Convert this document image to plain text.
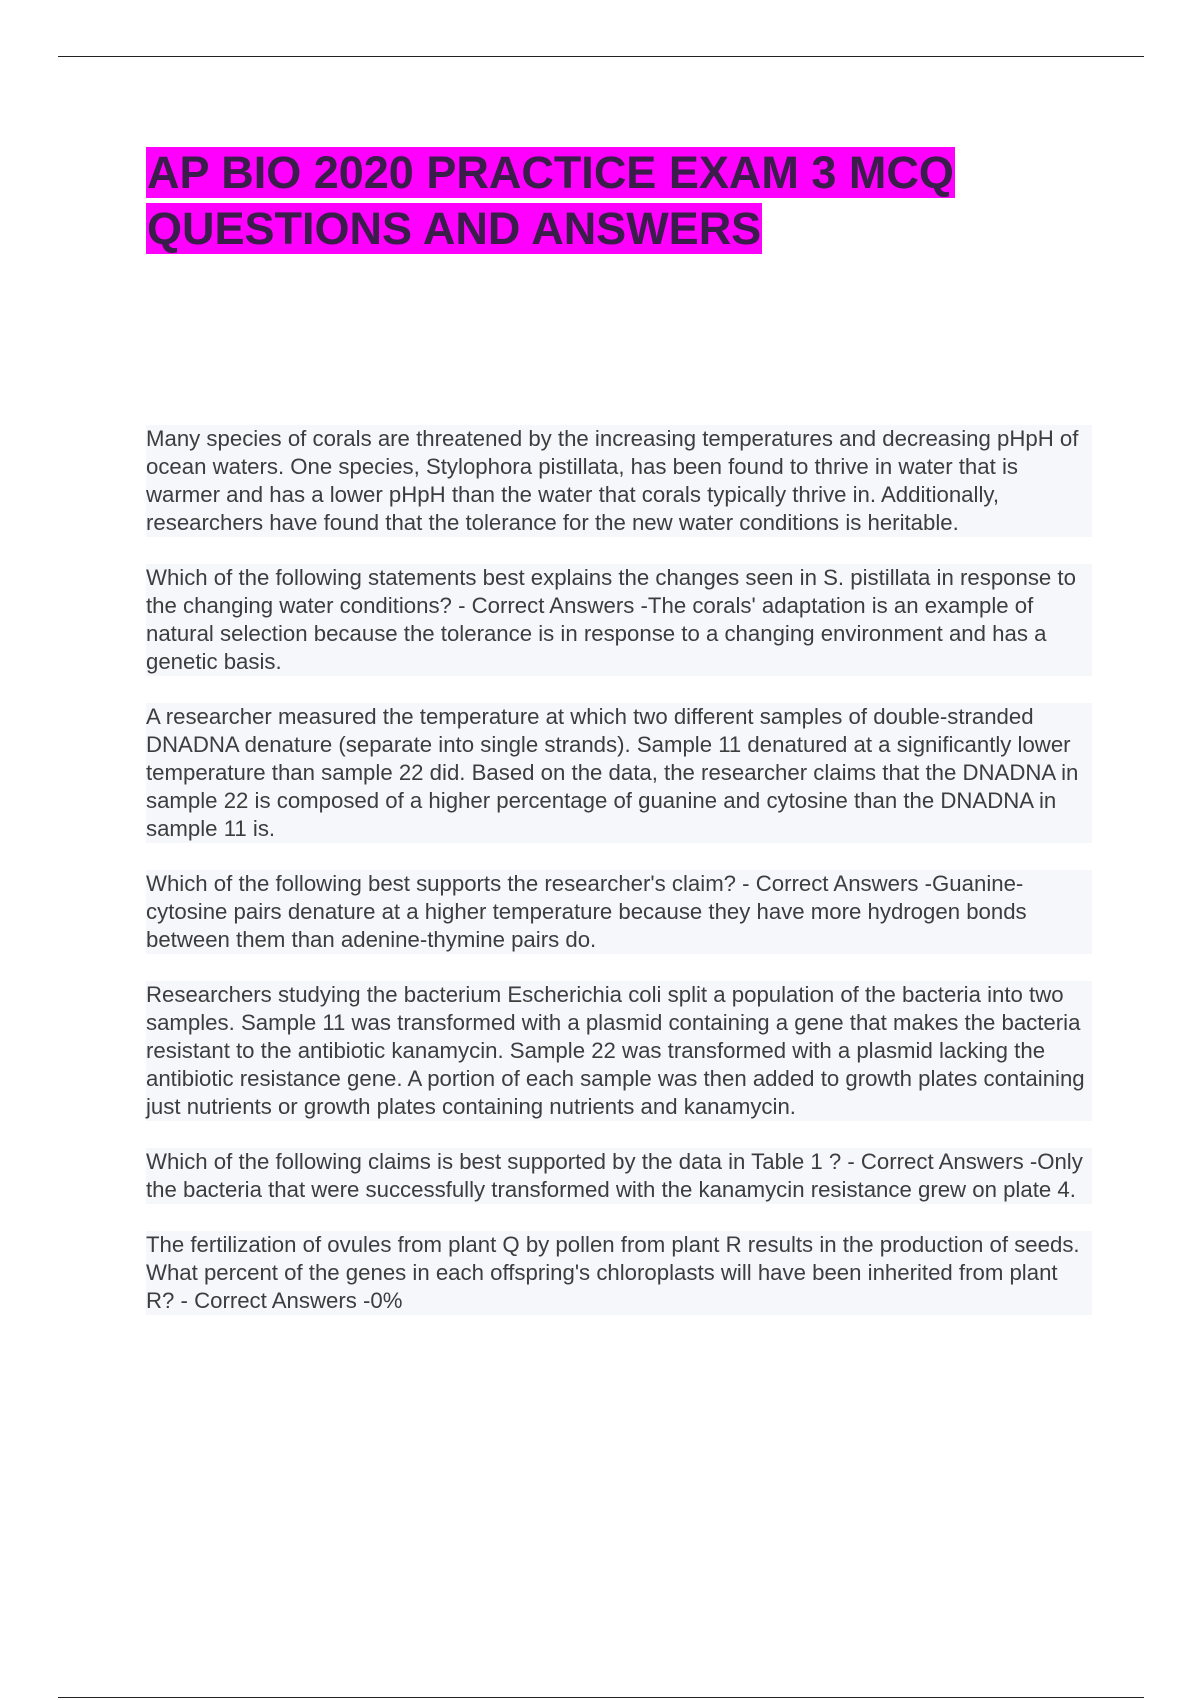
AP BIO 2020 PRACTICE EXAM 3 MCQ
QUESTIONS AND ANSWERS

Many species of corals are threatened by the increasing temperatures and decreasing pHpH of ocean waters. One species, Stylophora pistillata, has been found to thrive in water that is warmer and has a lower pHpH than the water that corals typically thrive in. Additionally, researchers have found that the tolerance for the new water conditions is heritable.

Which of the following statements best explains the changes seen in S. pistillata in response to the changing water conditions? - Correct Answers -The corals' adaptation is an example of natural selection because the tolerance is in response to a changing environment and has a genetic basis.

A researcher measured the temperature at which two different samples of double-stranded DNADNA denature (separate into single strands). Sample 11 denatured at a significantly lower temperature than sample 22 did. Based on the data, the researcher claims that the DNADNA in sample 22 is composed of a higher percentage of guanine and cytosine than the DNADNA in sample 11 is.

Which of the following best supports the researcher's claim? - Correct Answers -Guanine-cytosine pairs denature at a higher temperature because they have more hydrogen bonds between them than adenine-thymine pairs do.

Researchers studying the bacterium Escherichia coli split a population of the bacteria into two samples. Sample 11 was transformed with a plasmid containing a gene that makes the bacteria resistant to the antibiotic kanamycin. Sample 22 was transformed with a plasmid lacking the antibiotic resistance gene. A portion of each sample was then added to growth plates containing just nutrients or growth plates containing nutrients and kanamycin.

Which of the following claims is best supported by the data in Table 1 ? - Correct Answers -Only the bacteria that were successfully transformed with the kanamycin resistance grew on plate 4.

The fertilization of ovules from plant Q by pollen from plant R results in the production of seeds. What percent of the genes in each offspring's chloroplasts will have been inherited from plant R? - Correct Answers -0%
